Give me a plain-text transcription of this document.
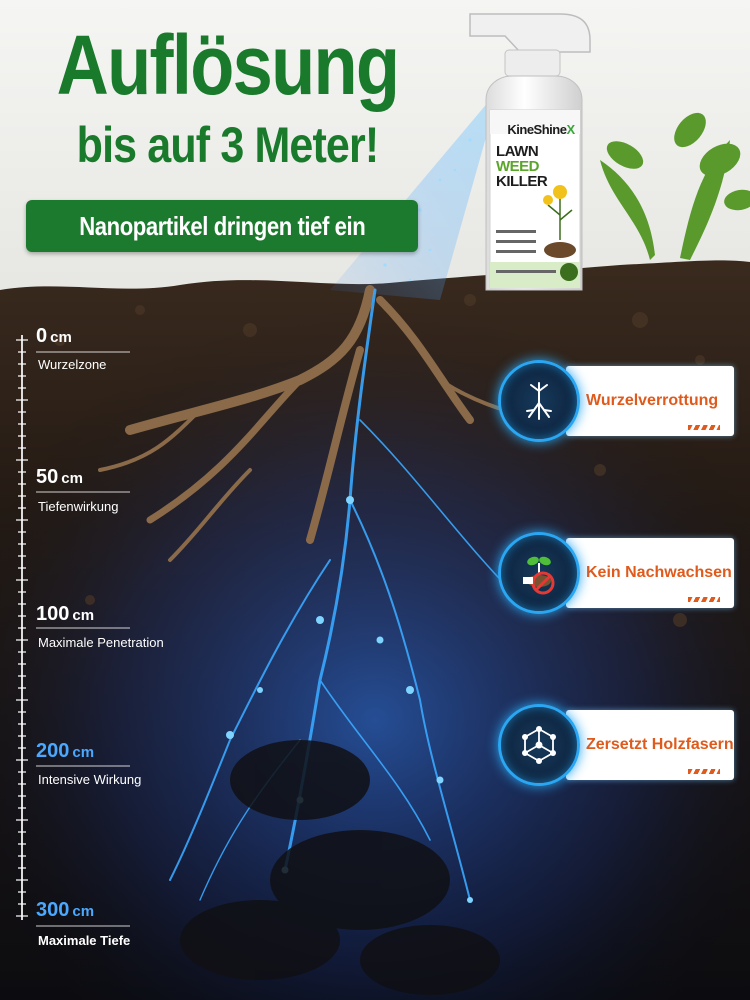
Auflösung
bis auf 3 Meter!
Nanopartikel dringen tief ein
KineShineX
LAWN
WEED
KILLER
0 cm
Wurzelzone
50 cm
Tiefenwirkung
100 cm
Maximale Penetration
200 cm
Intensive Wirkung
300 cm
Maximale Tiefe
Wurzelverrottung
Kein Nachwachsen
Zersetzt Holzfasern
